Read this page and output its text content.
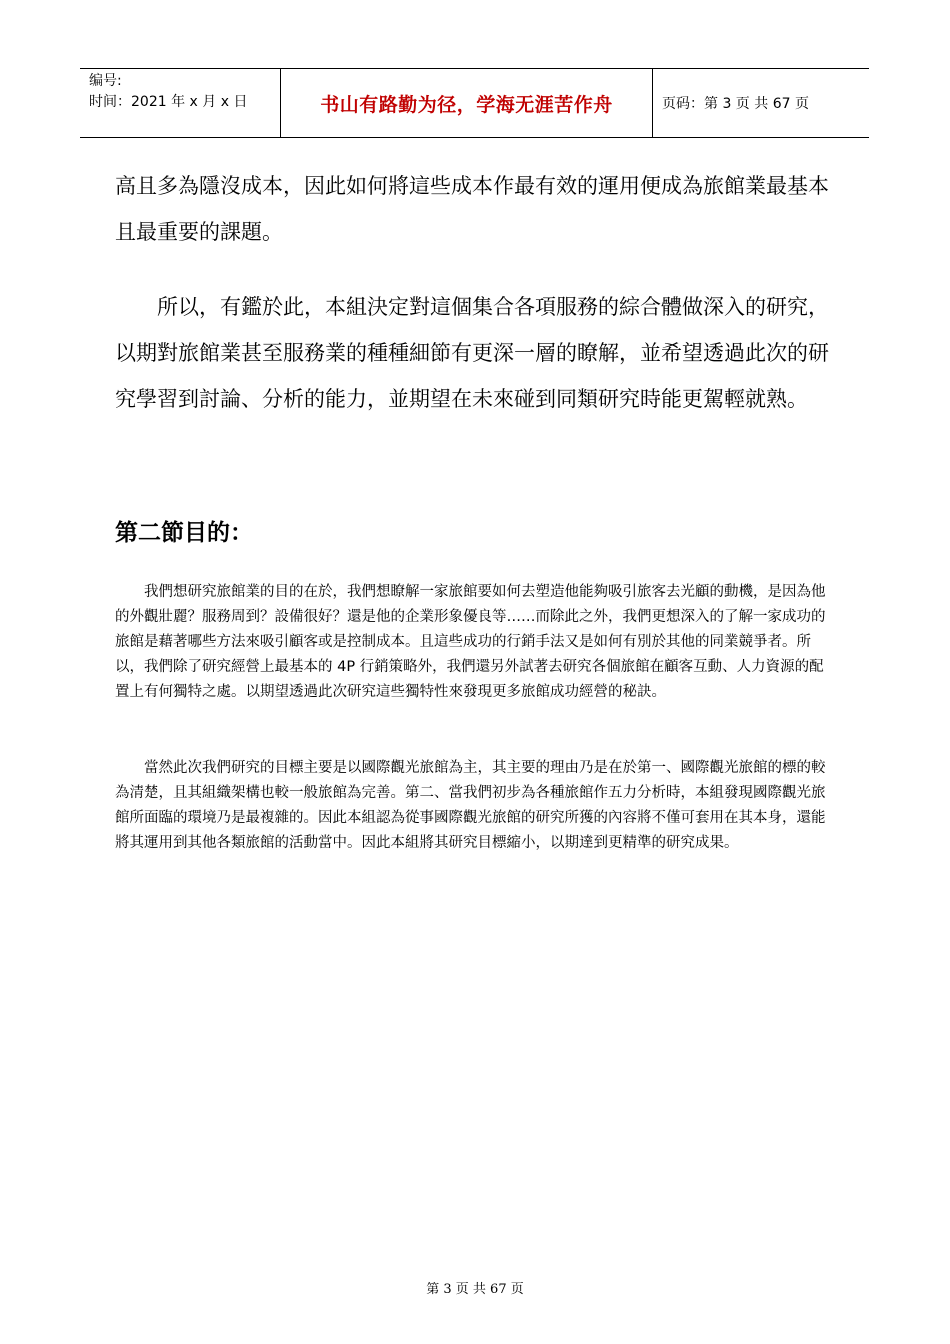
编号:
时间：2021 年 x 月 x 日	书山有路勤为径，学海无涯苦作舟	页码：第 3 页 共 67 页

高且多為隱沒成本，因此如何將這些成本作最有效的運用便成為旅館業最基本且最重要的課題。

　　所以，有鑑於此，本組決定對這個集合各項服務的綜合體做深入的研究，以期對旅館業甚至服務業的種種細節有更深一層的瞭解，並希望透過此次的研究學習到討論、分析的能力，並期望在未來碰到同類研究時能更駕輕就熟。

第二節目的：

　　我們想研究旅館業的目的在於，我們想瞭解一家旅館要如何去塑造他能夠吸引旅客去光顧的動機，是因為他的外觀壯麗？服務周到？設備很好？還是他的企業形象優良等……而除此之外，我們更想深入的了解一家成功的旅館是藉著哪些方法來吸引顧客或是控制成本。且這些成功的行銷手法又是如何有別於其他的同業競爭者。所以，我們除了研究經營上最基本的 4P 行銷策略外，我們還另外試著去研究各個旅館在顧客互動、人力資源的配置上有何獨特之處。以期望透過此次研究這些獨特性來發現更多旅館成功經營的秘訣。

　　當然此次我們研究的目標主要是以國際觀光旅館為主，其主要的理由乃是在於第一、國際觀光旅館的標的較為清楚，且其組織架構也較一般旅館為完善。第二、當我們初步為各種旅館作五力分析時，本組發現國際觀光旅館所面臨的環境乃是最複雜的。因此本組認為從事國際觀光旅館的研究所獲的內容將不僅可套用在其本身，還能將其運用到其他各類旅館的活動當中。因此本組將其研究目標縮小，以期達到更精準的研究成果。

第 3 页 共 67 页
